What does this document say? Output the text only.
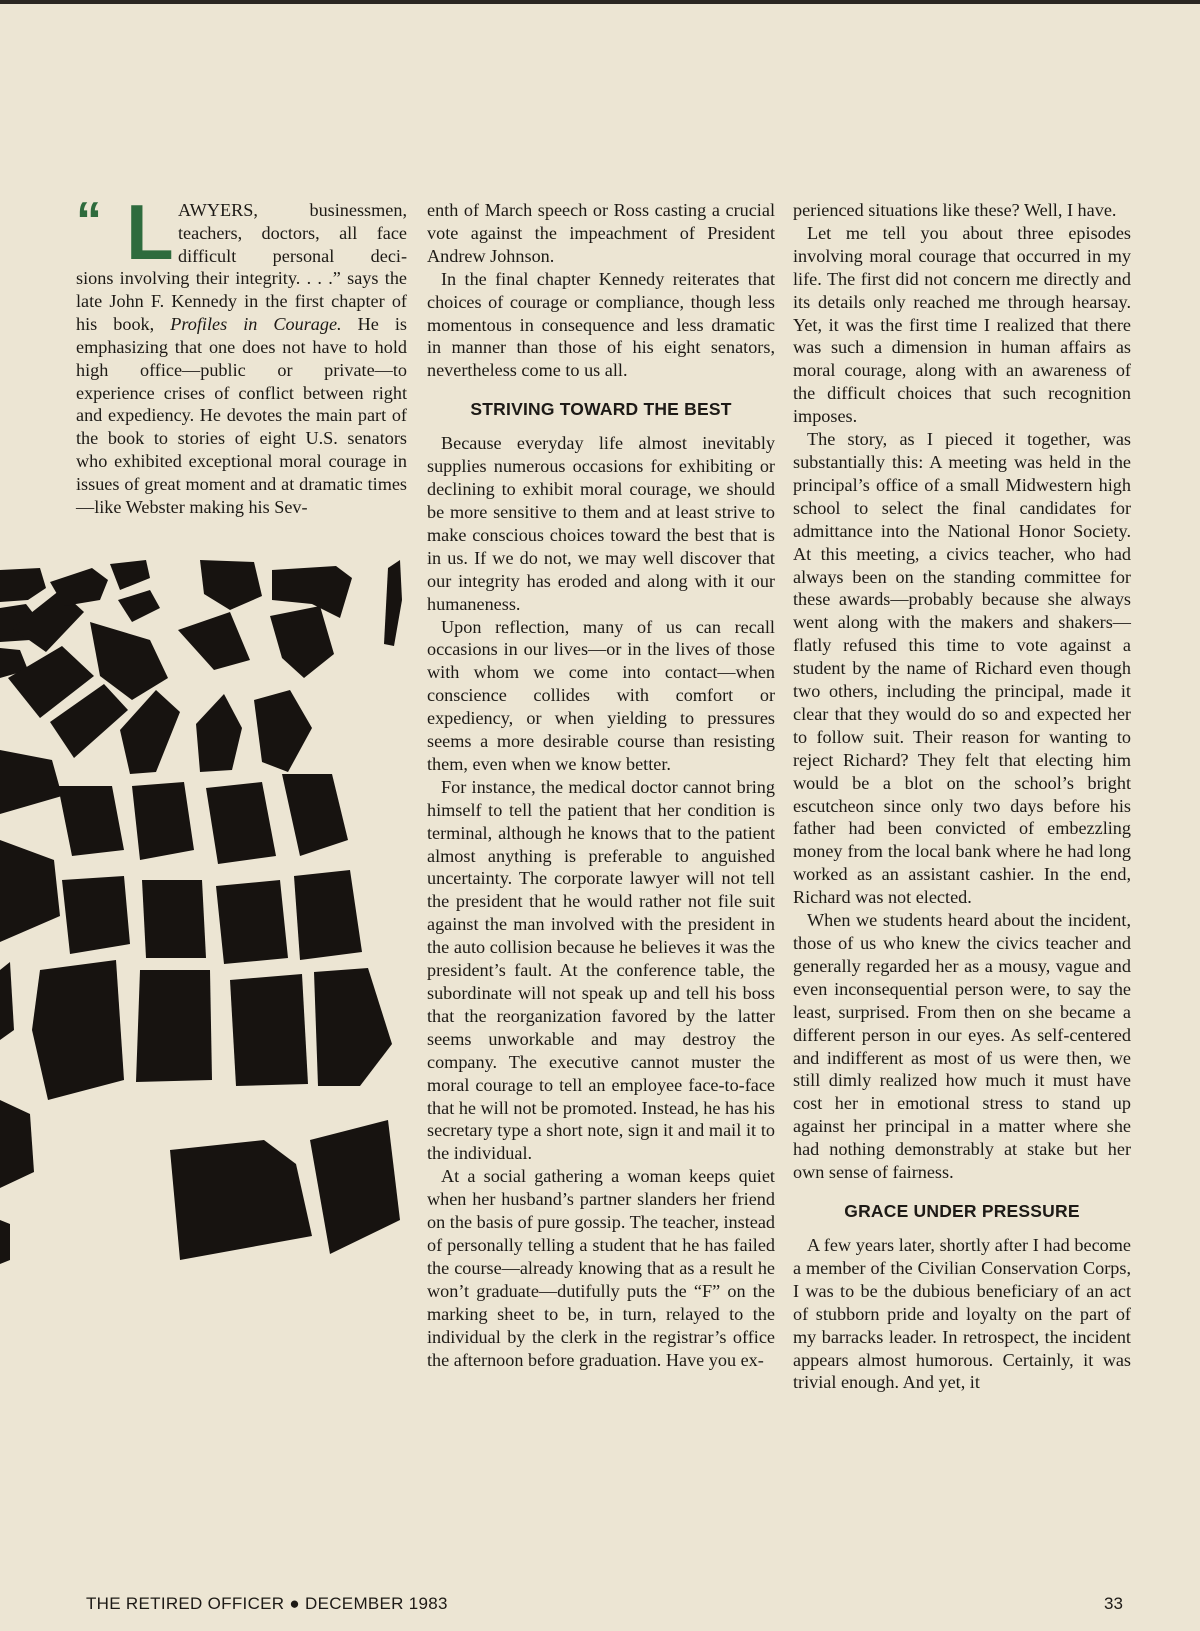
“ L AWYERS, businessmen,
teachers, doctors, all face
difficult personal deci-

sions involving their integrity. . . .” says the late John F. Kennedy in the first chapter of his book, Profiles in Courage. He is emphasizing that one does not have to hold high office—public or private—to experience crises of conflict between right and expediency. He devotes the main part of the book to stories of eight U.S. senators who exhibited exceptional moral courage in issues of great moment and at dramatic times—like Webster making his Sev-

enth of March speech or Ross casting a crucial vote against the impeachment of President Andrew Johnson.

In the final chapter Kennedy reiterates that choices of courage or compliance, though less momentous in consequence and less dramatic in manner than those of his eight senators, nevertheless come to us all.

STRIVING TOWARD THE BEST

Because everyday life almost inevitably supplies numerous occasions for exhibiting or declining to exhibit moral courage, we should be more sensitive to them and at least strive to make conscious choices toward the best that is in us. If we do not, we may well discover that our integrity has eroded and along with it our humaneness.

Upon reflection, many of us can recall occasions in our lives—or in the lives of those with whom we come into contact—when conscience collides with comfort or expediency, or when yielding to pressures seems a more desirable course than resisting them, even when we know better.

For instance, the medical doctor cannot bring himself to tell the patient that her condition is terminal, although he knows that to the patient almost anything is preferable to anguished uncertainty. The corporate lawyer will not tell the president that he would rather not file suit against the man involved with the president in the auto collision because he believes it was the president’s fault. At the conference table, the subordinate will not speak up and tell his boss that the reorganization favored by the latter seems unworkable and may destroy the company. The executive cannot muster the moral courage to tell an employee face-to-face that he will not be promoted. Instead, he has his secretary type a short note, sign it and mail it to the individual.

At a social gathering a woman keeps quiet when her husband’s partner slanders her friend on the basis of pure gossip. The teacher, instead of personally telling a student that he has failed the course—already knowing that as a result he won’t graduate—dutifully puts the “F” on the marking sheet to be, in turn, relayed to the individual by the clerk in the registrar’s office the afternoon before graduation. Have you ex-

perienced situations like these? Well, I have.

Let me tell you about three episodes involving moral courage that occurred in my life. The first did not concern me directly and its details only reached me through hearsay. Yet, it was the first time I realized that there was such a dimension in human affairs as moral courage, along with an awareness of the difficult choices that such recognition imposes.

The story, as I pieced it together, was substantially this: A meeting was held in the principal’s office of a small Midwestern high school to select the final candidates for admittance into the National Honor Society. At this meeting, a civics teacher, who had always been on the standing committee for these awards—probably because she always went along with the makers and shakers—flatly refused this time to vote against a student by the name of Richard even though two others, including the principal, made it clear that they would do so and expected her to follow suit. Their reason for wanting to reject Richard? They felt that electing him would be a blot on the school’s bright escutcheon since only two days before his father had been convicted of embezzling money from the local bank where he had long worked as an assistant cashier. In the end, Richard was not elected.

When we students heard about the incident, those of us who knew the civics teacher and generally regarded her as a mousy, vague and even inconsequential person were, to say the least, surprised. From then on she became a different person in our eyes. As self-centered and indifferent as most of us were then, we still dimly realized how much it must have cost her in emotional stress to stand up against her principal in a matter where she had nothing demonstrably at stake but her own sense of fairness.

GRACE UNDER PRESSURE

A few years later, shortly after I had become a member of the Civilian Conservation Corps, I was to be the dubious beneficiary of an act of stubborn pride and loyalty on the part of my barracks leader. In retrospect, the incident appears almost humorous. Certainly, it was trivial enough. And yet, it

THE RETIRED OFFICER ● DECEMBER 1983	33
